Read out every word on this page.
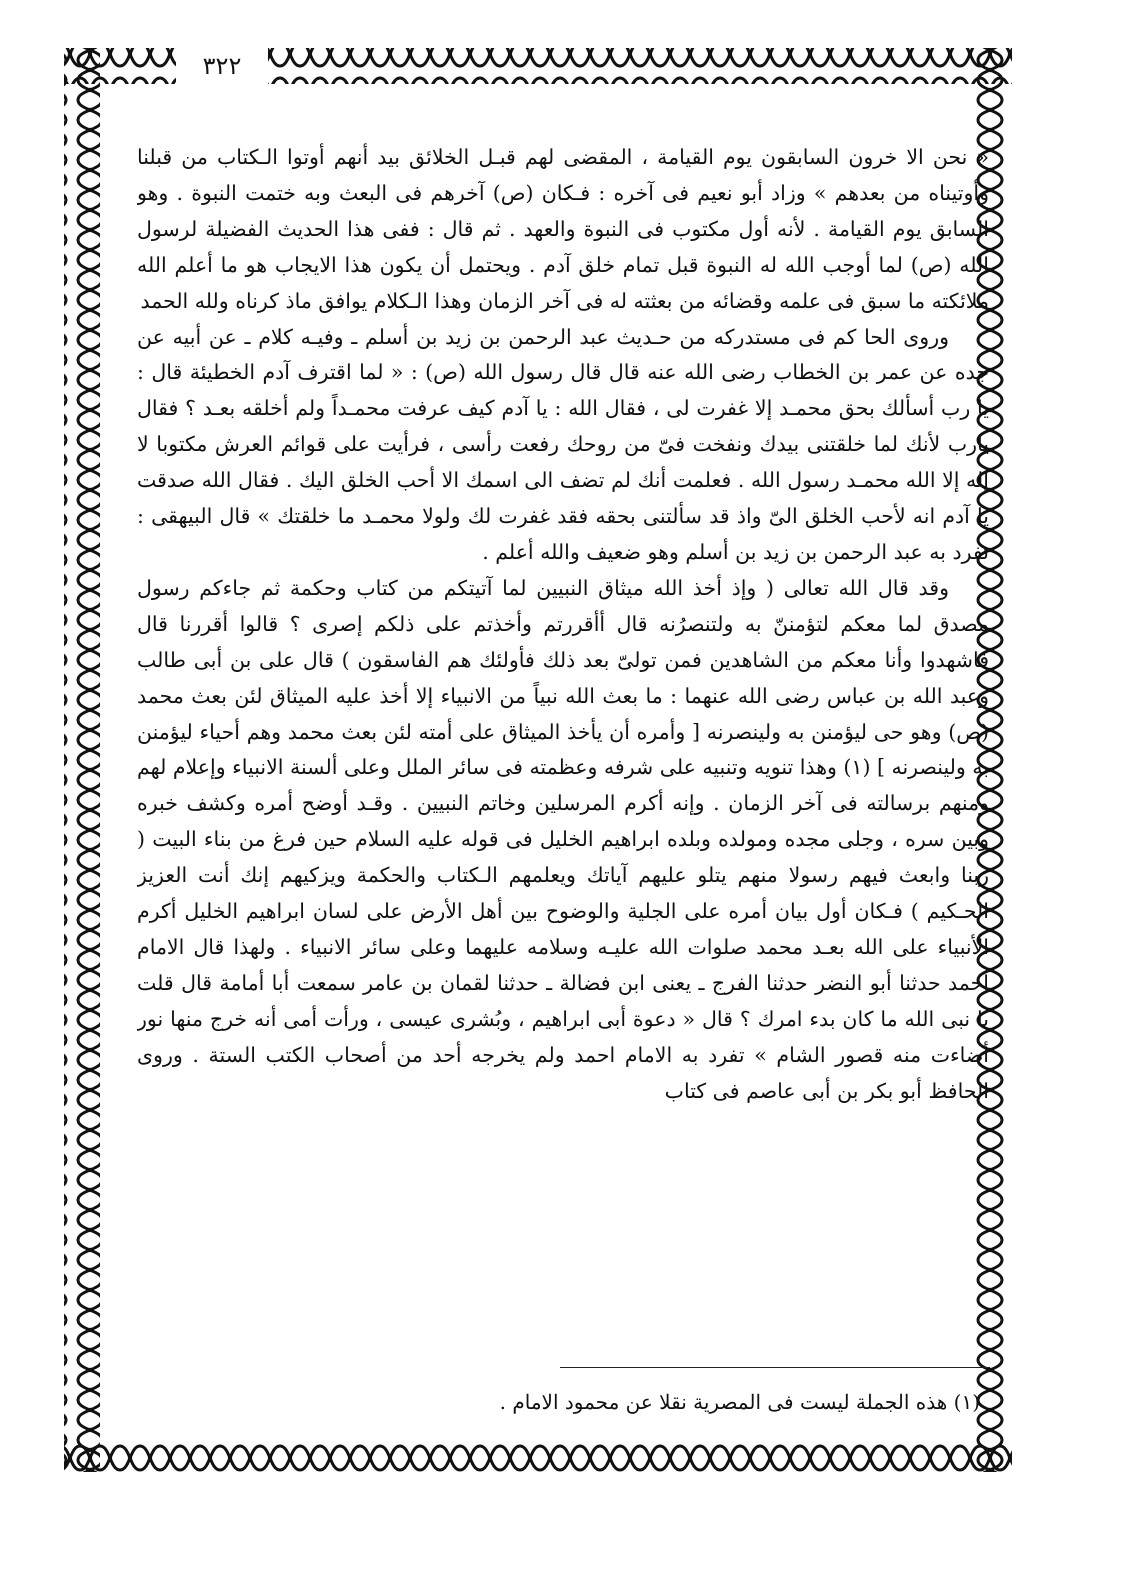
٣٢٢

« نحن الا خرون السابقون يوم القيامة ، المقضى لهم قبـل الخلائق بيد أنهم أوتوا الـكتاب من قبلنا وأوتيناه من بعدهم » وزاد أبو نعيم فى آخره : فـكان (ص) آخرهم فى البعث وبه ختمت النبوة . وهو السابق يوم القيامة . لأنه أول مكتوب فى النبوة والعهد . ثم قال : ففى هذا الحديث الفضيلة لرسول الله (ص) لما أوجب الله له النبوة قبل تمام خلق آدم . ويحتمل أن يكون هذا الايجاب هو ما أعلم الله ملائكته ما سبق فى علمه وقضائه من بعثته له فى آخر الزمان وهذا الـكلام يوافق ماذ كرناه ولله الحمد

وروى الحا كم فى مستدركه من حـديث عبد الرحمن بن زيد بن أسلم ـ وفيـه كلام ـ عن أبيه عن جده عن عمر بن الخطاب رضى الله عنه قال قال رسول الله (ص) : « لما اقترف آدم الخطيئة قال : يا رب أسألك بحق محمـد إلا غفرت لى ، فقال الله : يا آدم كيف عرفت محمـداً ولم أخلقه بعـد ؟ فقال يارب لأنك لما خلقتنى بيدك ونفخت فىّ من روحك رفعت رأسى ، فرأيت على قوائم العرش مكتوبا لا إله إلا الله محمـد رسول الله . فعلمت أنك لم تضف الى اسمك الا أحب الخلق اليك . فقال الله صدقت يا آدم انه لأحب الخلق الىّ واذ قد سألتنى بحقه فقد غفرت لك ولولا محمـد ما خلقتك » قال البيهقى : تفرد به عبد الرحمن بن زيد بن أسلم وهو ضعيف والله أعلم .

وقد قال الله تعالى ( وإذ أخذ الله ميثاق النبيين لما آتيتكم من كتاب وحكمة ثم جاءكم رسول مصدق لما معكم لتؤمننّ به ولتنصرُنه قال أأقررتم وأخذتم على ذلكم إصرى ؟ قالوا أقررنا قال فاشهدوا وأنا معكم من الشاهدين فمن تولىّ بعد ذلك فأولئك هم الفاسقون ) قال على بن أبى طالب وعبد الله بن عباس رضى الله عنهما : ما بعث الله نبياً من الانبياء إلا أخذ عليه الميثاق لئن بعث محمد (ص) وهو حى ليؤمنن به ولينصرنه [ وأمره أن يأخذ الميثاق على أمته لئن بعث محمد وهم أحياء ليؤمنن به ولينصرنه ] (١) وهذا تنويه وتنبيه على شرفه وعظمته فى سائر الملل وعلى ألسنة الانبياء وإعلام لهم ومنهم برسالته فى آخر الزمان . وإنه أكرم المرسلين وخاتم النبيين . وقـد أوضح أمره وكشف خبره وبين سره ، وجلى مجده ومولده وبلده ابراهيم الخليل فى قوله عليه السلام حين فرغ من بناء البيت ( ربنا وابعث فيهم رسولا منهم يتلو عليهم آياتك ويعلمهم الـكتاب والحكمة ويزكيهم إنك أنت العزيز الحـكيم ) فـكان أول بيان أمره على الجلية والوضوح بين أهل الأرض على لسان ابراهيم الخليل أكرم الأنبياء على الله بعـد محمد صلوات الله عليـه وسلامه عليهما وعلى سائر الانبياء . ولهذا قال الامام احمد حدثنا أبو النضر حدثنا الفرج ـ يعنى ابن فضالة ـ حدثنا لقمان بن عامر سمعت أبا أمامة قال قلت يا نبى الله ما كان بدء امرك ؟ قال « دعوة أبى ابراهيم ، وبُشرى عيسى ، ورأت أمى أنه خرج منها نور أضاءت منه قصور الشام » تفرد به الامام احمد ولم يخرجه أحد من أصحاب الكتب الستة . وروى الحافظ أبو بكر بن أبى عاصم فى كتاب

(١) هذه الجملة ليست فى المصرية نقلا عن محمود الامام .
